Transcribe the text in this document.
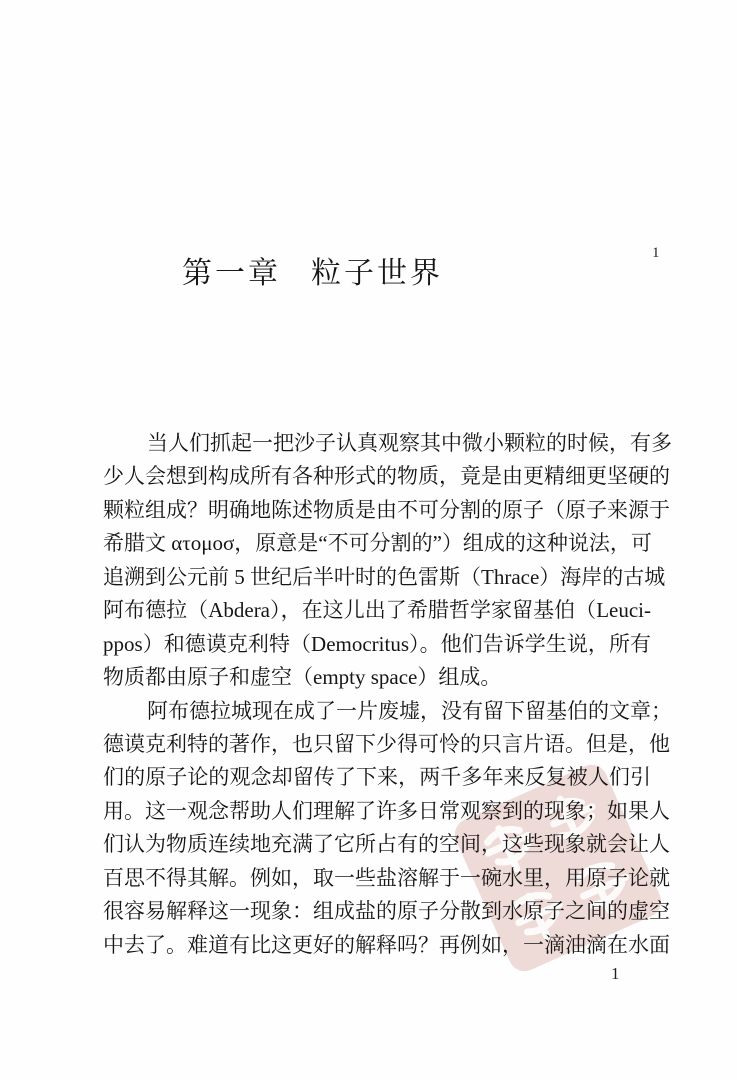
第一章 粒子世界
1
当人们抓起一把沙子认真观察其中微小颗粒的时候，有多
少人会想到构成所有各种形式的物质，竟是由更精细更坚硬的
颗粒组成？明确地陈述物质是由不可分割的原子（原子来源于
希腊文 ατομοσ，原意是“不可分割的”）组成的这种说法，可
追溯到公元前 5 世纪后半叶时的色雷斯（Thrace）海岸的古城
阿布德拉（Abdera），在这儿出了希腊哲学家留基伯（Leuci-
ppos）和德谟克利特（Democritus）。他们告诉学生说，所有
物质都由原子和虚空（empty space）组成。
阿布德拉城现在成了一片废墟，没有留下留基伯的文章；
德谟克利特的著作，也只留下少得可怜的只言片语。但是，他
们的原子论的观念却留传了下来，两千多年来反复被人们引
用。这一观念帮助人们理解了许多日常观察到的现象；如果人
们认为物质连续地充满了它所占有的空间，这些现象就会让人
百思不得其解。例如，取一些盐溶解于一碗水里，用原子论就
很容易解释这一现象：组成盐的原子分散到水原子之间的虚空
中去了。难道有比这更好的解释吗？再例如，一滴油滴在水面
1
